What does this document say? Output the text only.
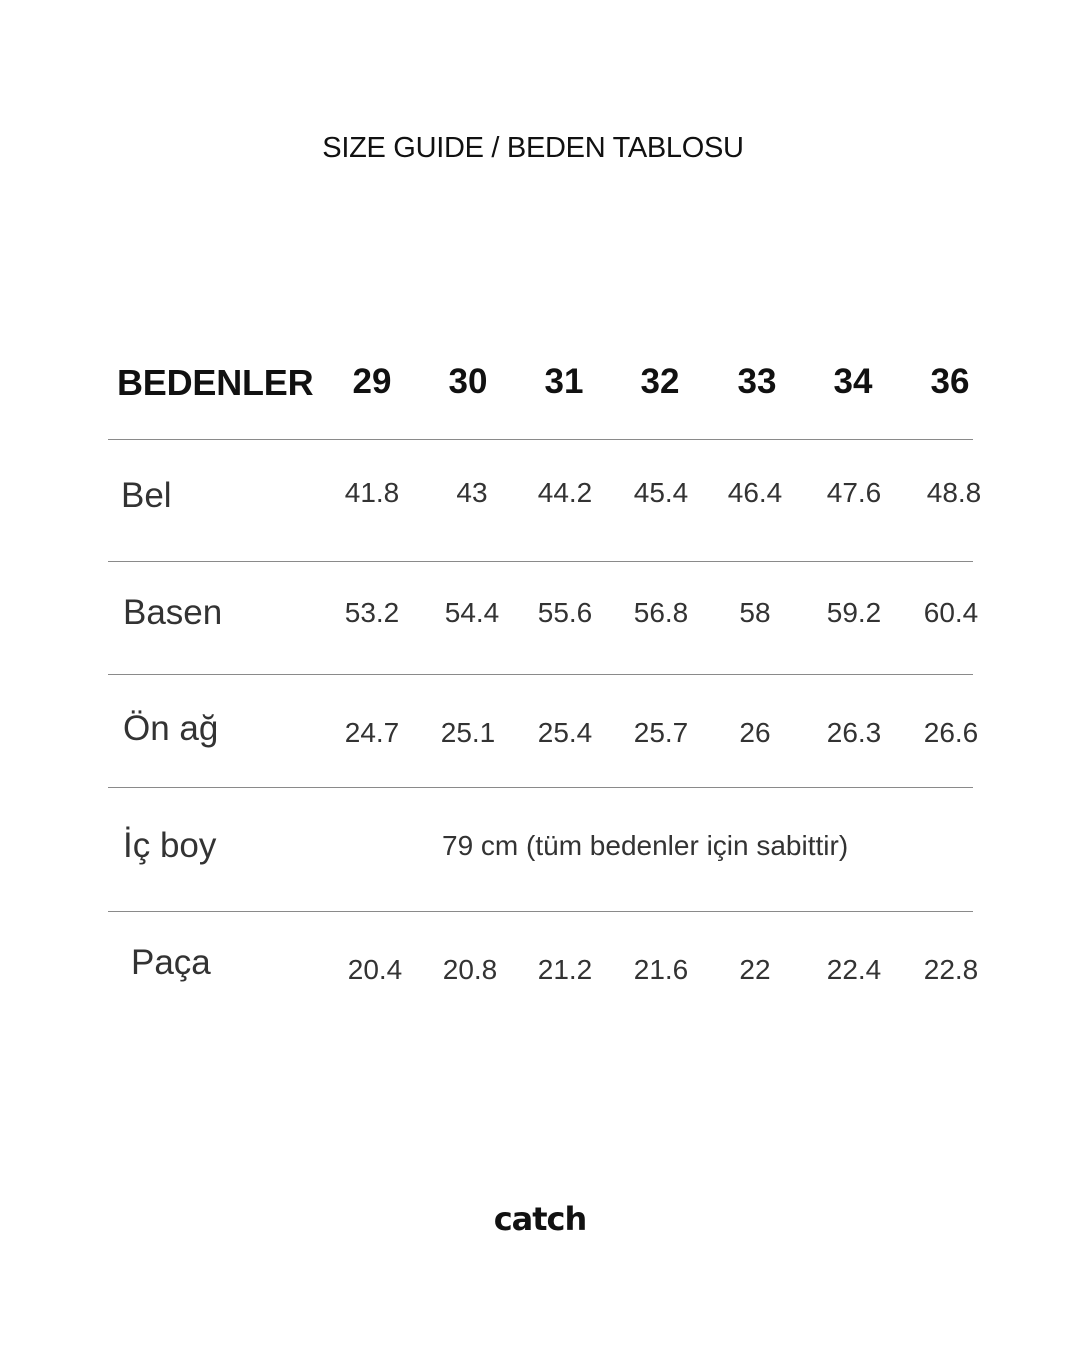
SIZE GUIDE / BEDEN TABLOSU
BEDENLER	29	30	31	32	33	34	36
Bel	41.8	43	44.2	45.4	46.4	47.6	48.8
Basen	53.2	54.4	55.6	56.8	58	59.2	60.4
Ön ağ	24.7	25.1	25.4	25.7	26	26.3	26.6
İç boy	79 cm (tüm bedenler için sabittir)
Paça	20.4	20.8	21.2	21.6	22	22.4	22.8
catch
